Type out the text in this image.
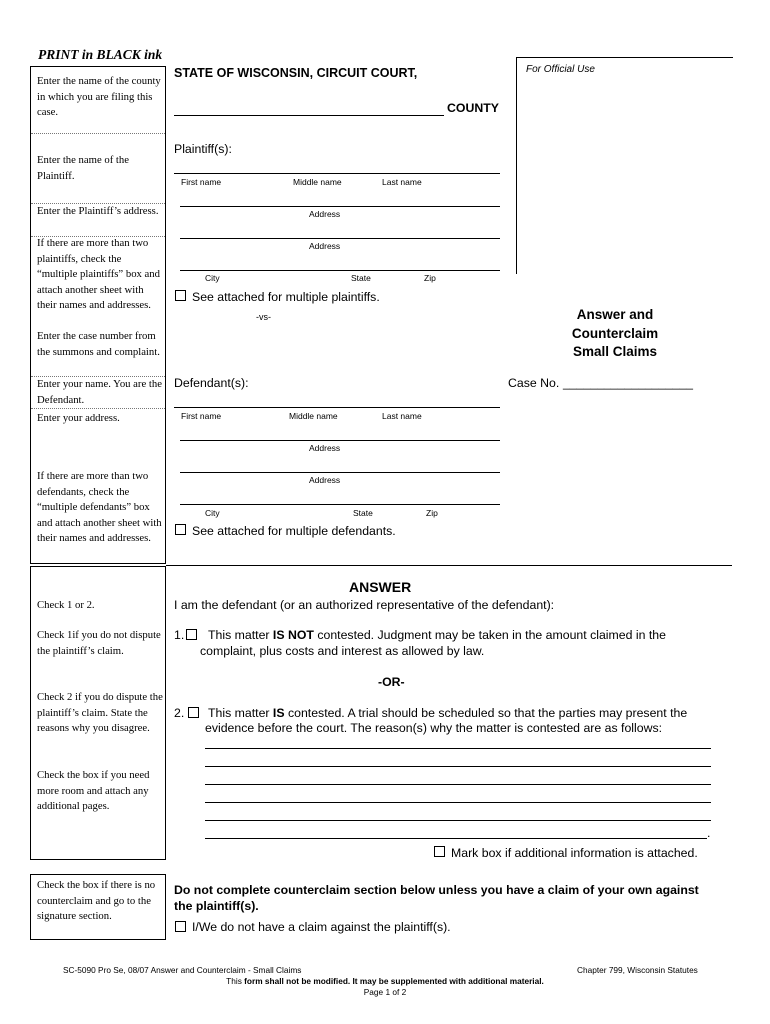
PRINT in BLACK ink
For Official Use
Enter the name of the county in which you are filing this case.
Enter the name of the Plaintiff.
Enter the Plaintiff’s address.
If there are more than two plaintiffs, check the “multiple plaintiffs” box and attach another sheet with their names and addresses.
Enter the case number from the summons and complaint.
Enter your name. You are the Defendant.
Enter your address.
If there are more than two defendants, check the “multiple defendants” box and attach another sheet with their names and addresses.
Check 1 or 2.
Check 1if you do not dispute the plaintiff’s claim.
Check 2 if you do dispute the plaintiff’s claim. State the reasons why you disagree.
Check the box if you need more room and attach any additional pages.
Check the box if there is no counterclaim and go to the signature section.
STATE OF WISCONSIN, CIRCUIT COURT,
COUNTY
Plaintiff(s):
First name	Middle name	Last name
Address
Address
City	State	Zip
See attached for multiple plaintiffs.
-vs-	Answer and
Counterclaim
Small Claims
Defendant(s):	Case No. ___________________
First name	Middle name	Last name
Address
Address
City	State	Zip
See attached for multiple defendants.
ANSWER
I am the defendant (or an authorized representative of the defendant):
1. This matter IS NOT contested. Judgment may be taken in the amount claimed in the
complaint, plus costs and interest as allowed by law.
-OR-
2. This matter IS contested. A trial should be scheduled so that the parties may present the
evidence before the court. The reason(s) why the matter is contested are as follows:
.
Mark box if additional information is attached.
Do not complete counterclaim section below unless you have a claim of your own against
the plaintiff(s).
I/We do not have a claim against the plaintiff(s).
SC-5090 Pro Se, 08/07 Answer and Counterclaim - Small Claims	Chapter 799, Wisconsin Statutes
This form shall not be modified. It may be supplemented with additional material.
Page 1 of 2
